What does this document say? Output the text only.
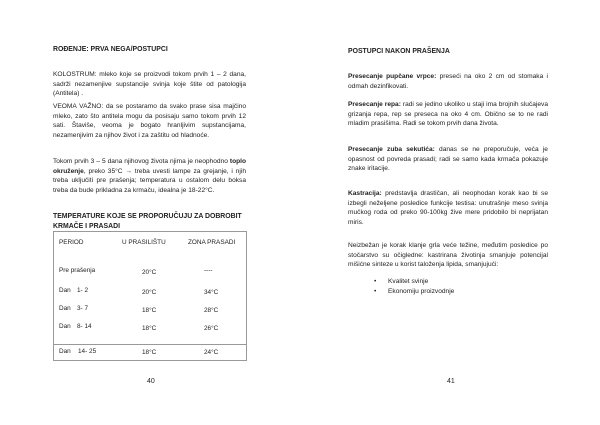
ROĐENJE: PRVA NEGA/POSTUPCI
KOLOSTRUM: mleko koje se proizvodi tokom prvih 1 – 2 dana, sadrži nezamenjive supstancije svinja koje štite od patologija (Antitela) .
VEOMA VAŽNO: da se postaramo da svako prase sisa majčino mleko, zato što antitela mogu da posisaju samo tokom prvih 12 sati. Štaviše, veoma je bogato hranljivim supstancijama, nezamenjivim za njihov život i za zaštitu od hladnoće.
Tokom prvih 3 – 5 dana njihovog života njima je neophodno toplo okruženje, preko 35°C → treba uvesti lampe za grejanje, i njih treba uključiti pre prašenja; temperatura u ostalom delu boksa treba da bude prikladna za krmaču, idealna je 18-22°C.
TEMPERATURE KOJE SE PROPORUČUJU ZA DOBROBIT KRMAČE I PRASADI
PERIOD	U PRASILIŠTU	ZONA PRASADI
Pre prašenja	20°C	----
Dan 1- 2	20°C	34°C
Dan 3- 7	18°C	28°C
Dan 8- 14	18°C	26°C
Dan 14- 25	18°C	24°C
40
POSTUPCI NAKON PRAŠENJA
Presecanje pupčane vrpce: preseći na oko 2 cm od stomaka i odmah dezinfikovati.
Presecanje repa: radi se jedino ukoliko u staji ima brojnih slučajeva grizanja repa, rep se preseca na oko 4 cm. Obično se to ne radi mladim prasišima. Radi se tokom prvih dana života.
Presecanje zuba sekutića: danas se ne preporučuje, veća je opasnost od povreda prasadi; radi se samo kada krmača pokazuje znake iritacije.
Kastracija: predstavlja drastičan, ali neophodan korak kao bi se izbegli neželjene posledice funkcije testisa: unutrašnje meso svinja mučkog roda od preko 90-100kg žive mere pridobilo bi neprijatan miris.
Neizbežan je korak klanje grla veće težine, međutim posledice po stočarstvo su očigledne: kastrirana životinja smanjuje potencijal mišićne sinteze u korist taloženja lipida, smanjujući:
• Kvalitet svinje
• Ekonomiju proizvodnje
41
